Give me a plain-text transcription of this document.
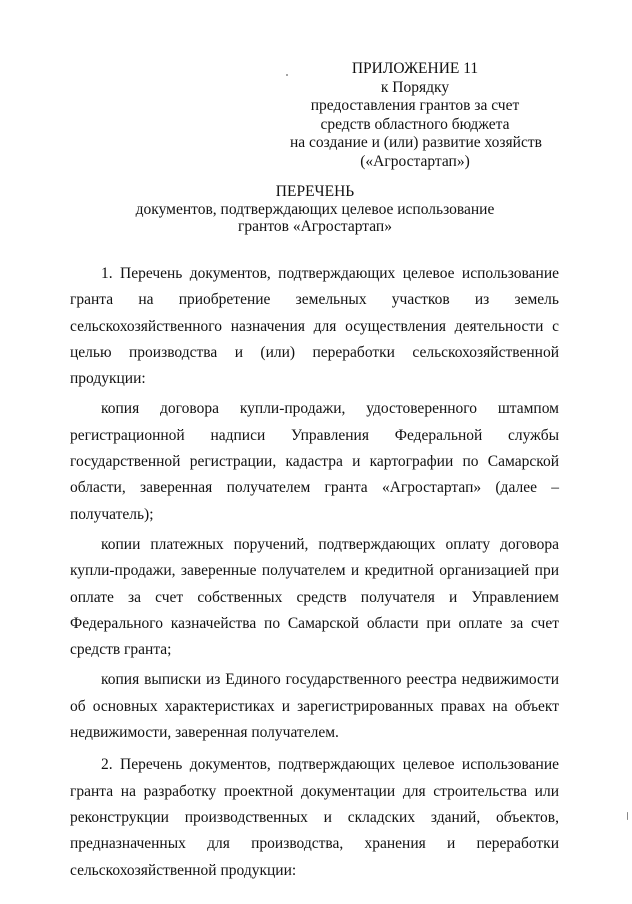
ПРИЛОЖЕНИЕ 11
к Порядку
предоставления грантов за счет
средств областного бюджета
на создание и (или) развитие хозяйств
(«Агростартап»)
ПЕРЕЧЕНЬ
документов, подтверждающих целевое использование
грантов «Агростартап»

1. Перечень документов, подтверждающих целевое использование гранта на приобретение земельных участков из земель сельскохозяйственного назначения для осуществления деятельности с целью производства и (или) переработки сельскохозяйственной продукции:

копия договора купли-продажи, удостоверенного штампом регистрационной надписи Управления Федеральной службы государственной регистрации, кадастра и картографии по Самарской области, заверенная получателем гранта «Агростартап» (далее – получатель);

копии платежных поручений, подтверждающих оплату договора купли-продажи, заверенные получателем и кредитной организацией при оплате за счет собственных средств получателя и Управлением Федерального казначейства по Самарской области при оплате за счет средств гранта;

копия выписки из Единого государственного реестра недвижимости об основных характеристиках и зарегистрированных правах на объект недвижимости, заверенная получателем.

2. Перечень документов, подтверждающих целевое использование гранта на разработку проектной документации для строительства или реконструкции производственных и складских зданий, объектов, предназначенных для производства, хранения и переработки сельскохозяйственной продукции:
